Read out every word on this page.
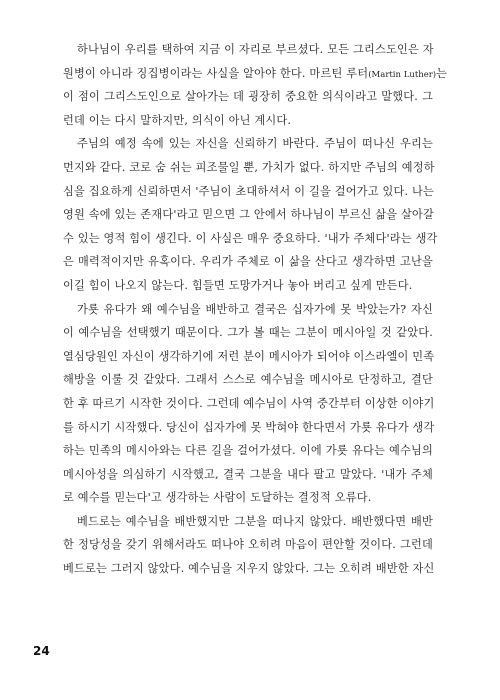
하나님이 우리를 택하여 지금 이 자리로 부르셨다. 모든 그리스도인은 자
원병이 아니라 징집병이라는 사실을 알아야 한다. 마르틴 루터(Martin Luther)는
이 점이 그리스도인으로 살아가는 데 굉장히 중요한 의식이라고 말했다. 그
런데 이는 다시 말하지만, 의식이 아닌 계시다.
주님의 예정 속에 있는 자신을 신뢰하기 바란다. 주님이 떠나신 우리는
먼지와 같다. 코로 숨 쉬는 피조물일 뿐, 가치가 없다. 하지만 주님의 예정하
심을 집요하게 신뢰하면서 '주님이 초대하셔서 이 길을 걸어가고 있다. 나는
영원 속에 있는 존재다'라고 믿으면 그 안에서 하나님이 부르신 삶을 살아갈
수 있는 영적 힘이 생긴다. 이 사실은 매우 중요하다. '내가 주체다'라는 생각
은 매력적이지만 유혹이다. 우리가 주체로 이 삶을 산다고 생각하면 고난을
이길 힘이 나오지 않는다. 힘들면 도망가거나 놓아 버리고 싶게 만든다.
가룟 유다가 왜 예수님을 배반하고 결국은 십자가에 못 박았는가? 자신
이 예수님을 선택했기 때문이다. 그가 볼 때는 그분이 메시아일 것 같았다.
열심당원인 자신이 생각하기에 저런 분이 메시아가 되어야 이스라엘이 민족
해방을 이룰 것 같았다. 그래서 스스로 예수님을 메시아로 단정하고, 결단
한 후 따르기 시작한 것이다. 그런데 예수님이 사역 중간부터 이상한 이야기
를 하시기 시작했다. 당신이 십자가에 못 박혀야 한다면서 가룟 유다가 생각
하는 민족의 메시아와는 다른 길을 걸어가셨다. 이에 가룟 유다는 예수님의
메시아성을 의심하기 시작했고, 결국 그분을 내다 팔고 말았다. '내가 주체
로 예수를 믿는다'고 생각하는 사람이 도달하는 결정적 오류다.
베드로는 예수님을 배반했지만 그분을 떠나지 않았다. 배반했다면 배반
한 정당성을 갖기 위해서라도 떠나야 오히려 마음이 편안할 것이다. 그런데
베드로는 그러지 않았다. 예수님을 지우지 않았다. 그는 오히려 배반한 자신
24
